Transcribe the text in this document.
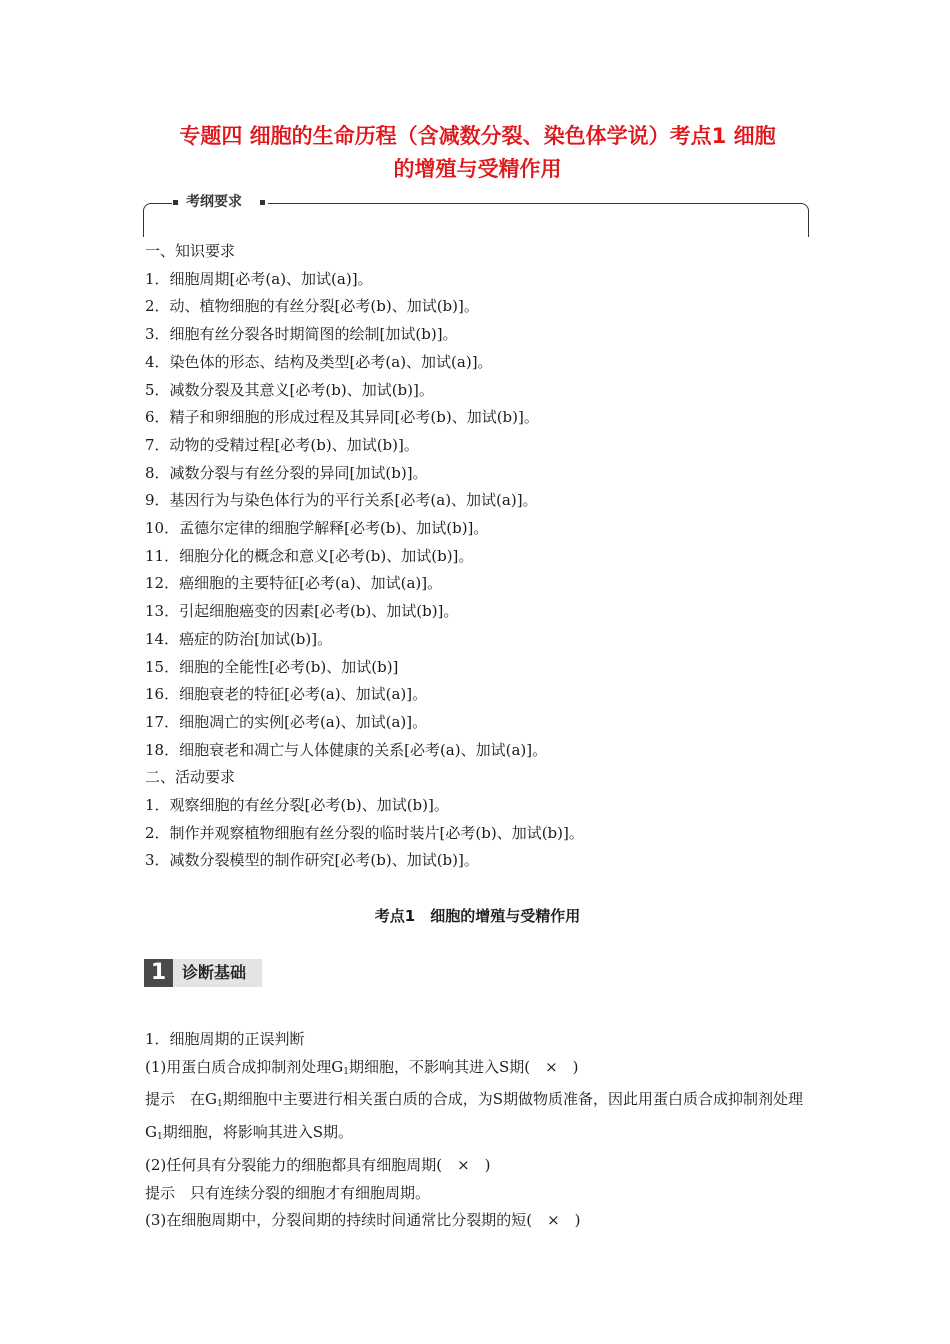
专题四 细胞的生命历程（含减数分裂、染色体学说）考点1 细胞
的增殖与受精作用
考纲要求
一、知识要求
1．细胞周期[必考(a)、加试(a)]。
2．动、植物细胞的有丝分裂[必考(b)、加试(b)]。
3．细胞有丝分裂各时期简图的绘制[加试(b)]。
4．染色体的形态、结构及类型[必考(a)、加试(a)]。
5．减数分裂及其意义[必考(b)、加试(b)]。
6．精子和卵细胞的形成过程及其异同[必考(b)、加试(b)]。
7．动物的受精过程[必考(b)、加试(b)]。
8．减数分裂与有丝分裂的异同[加试(b)]。
9．基因行为与染色体行为的平行关系[必考(a)、加试(a)]。
10．孟德尔定律的细胞学解释[必考(b)、加试(b)]。
11．细胞分化的概念和意义[必考(b)、加试(b)]。
12．癌细胞的主要特征[必考(a)、加试(a)]。
13．引起细胞癌变的因素[必考(b)、加试(b)]。
14．癌症的防治[加试(b)]。
15．细胞的全能性[必考(b)、加试(b)]
16．细胞衰老的特征[必考(a)、加试(a)]。
17．细胞凋亡的实例[必考(a)、加试(a)]。
18．细胞衰老和凋亡与人体健康的关系[必考(a)、加试(a)]。
二、活动要求
1．观察细胞的有丝分裂[必考(b)、加试(b)]。
2．制作并观察植物细胞有丝分裂的临时装片[必考(b)、加试(b)]。
3．减数分裂模型的制作研究[必考(b)、加试(b)]。
考点1　细胞的增殖与受精作用
1 诊断基础
1．细胞周期的正误判断
(1)用蛋白质合成抑制剂处理$G_1$期细胞，不影响其进入S期(　×　)
提示　在$G_1$期细胞中主要进行相关蛋白质的合成，为S期做物质准备，因此用蛋白质合成抑制剂处理$G_1$期细胞，将影响其进入S期。
(2)任何具有分裂能力的细胞都具有细胞周期(　×　)
提示　只有连续分裂的细胞才有细胞周期。
(3)在细胞周期中，分裂间期的持续时间通常比分裂期的短(　×　)
